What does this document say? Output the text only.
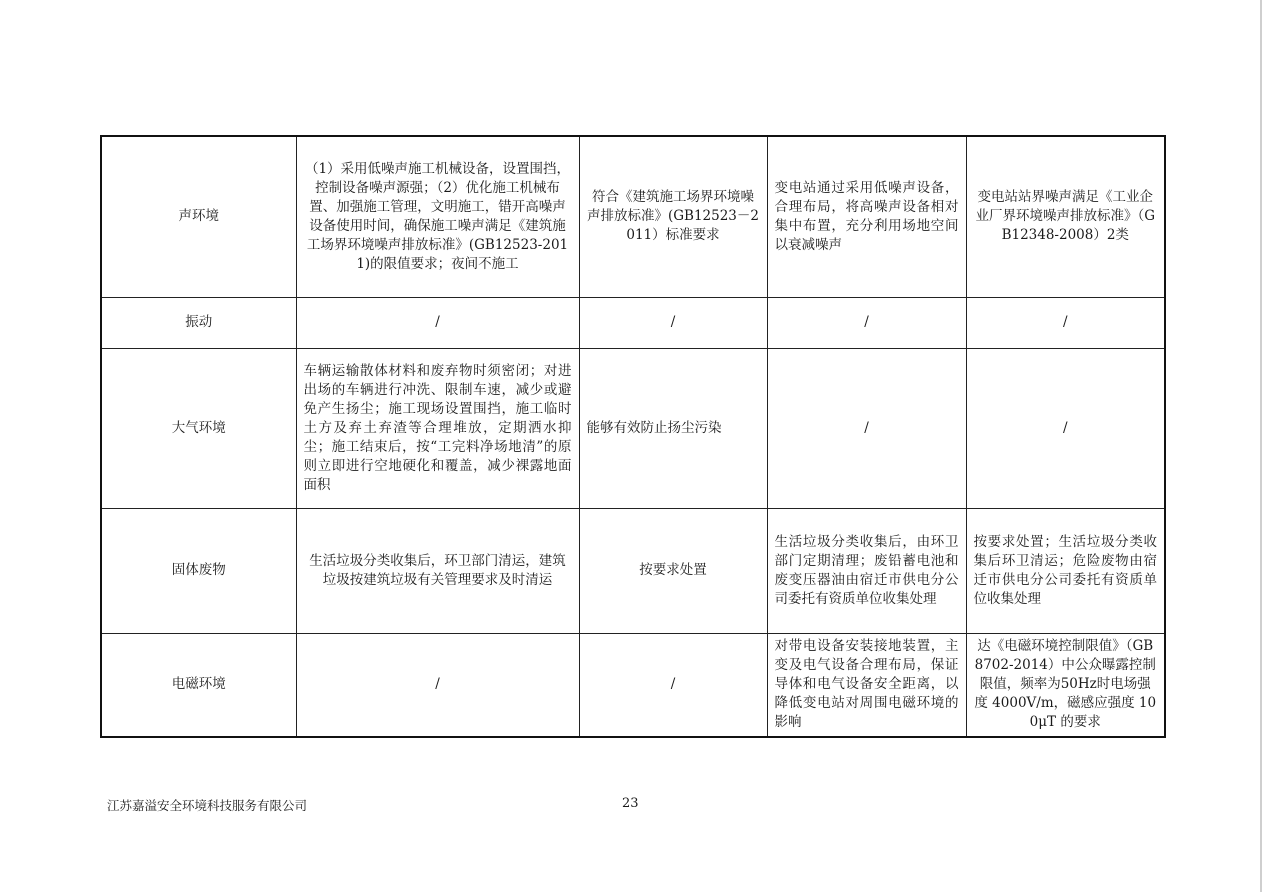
声环境	（1）采用低噪声施工机械设备，设置围挡，控制设备噪声源强；（2）优化施工机械布置、加强施工管理，文明施工，错开高噪声设备使用时间，确保施工噪声满足《建筑施工场界环境噪声排放标准》(GB12523-2011)的限值要求；夜间不施工	符合《建筑施工场界环境噪声排放标准》(GB12523－2011）标准要求	变电站通过采用低噪声设备，合理布局，将高噪声设备相对集中布置，充分利用场地空间以衰减噪声	变电站站界噪声满足《工业企业厂界环境噪声排放标准》（GB12348-2008）2类
振动	/	/	/	/
大气环境	车辆运输散体材料和废弃物时须密闭；对进出场的车辆进行冲洗、限制车速，减少或避免产生扬尘；施工现场设置围挡，施工临时土方及弃土弃渣等合理堆放，定期洒水抑尘；施工结束后，按“工完料净场地清”的原则立即进行空地硬化和覆盖，减少裸露地面面积	能够有效防止扬尘污染	/	/
固体废物	生活垃圾分类收集后，环卫部门清运，建筑垃圾按建筑垃圾有关管理要求及时清运	按要求处置	生活垃圾分类收集后，由环卫部门定期清理；废铅蓄电池和废变压器油由宿迁市供电分公司委托有资质单位收集处理	按要求处置；生活垃圾分类收集后环卫清运；危险废物由宿迁市供电分公司委托有资质单位收集处理
电磁环境	/	/	对带电设备安装接地装置，主变及电气设备合理布局，保证导体和电气设备安全距离，以降低变电站对周围电磁环境的影响	达《电磁环境控制限值》（GB8702-2014）中公众曝露控制限值，频率为50Hz时电场强度 4000V/m，磁感应强度 100μT 的要求
江苏嘉溢安全环境科技服务有限公司	23
